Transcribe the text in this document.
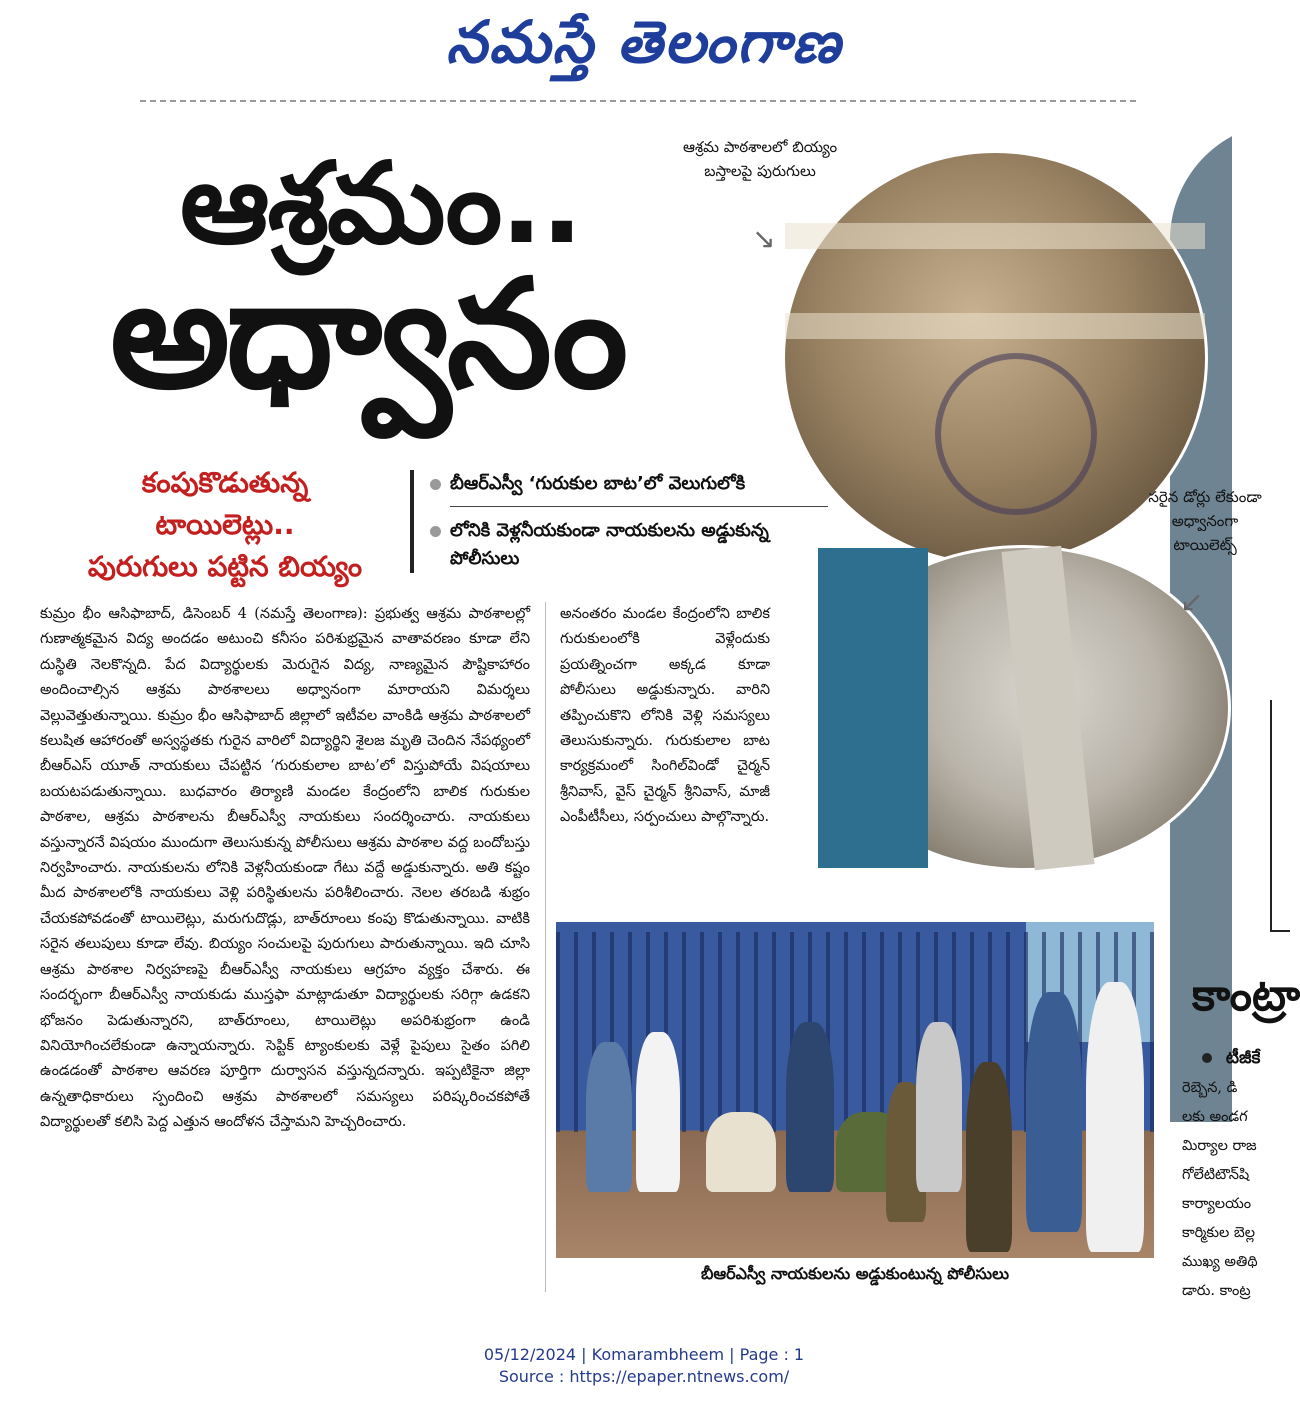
నమస్తే తెలంగాణ
ఆశ్రమం..
అధ్వానం
కంపుకొడుతున్న
టాయిలెట్లు..
పురుగులు పట్టిన బియ్యం
బీఆర్‌ఎస్వీ ‘గురుకుల బాట’లో వెలుగులోకి
లోనికి వెళ్లనీయకుండా నాయకులను అడ్డుకున్న పోలీసులు
ఆశ్రమ పాఠశాలలో బియ్యం బస్తాలపై పురుగులు
↘
సరైన డోర్లు లేకుండా అధ్వానంగా టాయిలెట్స్
↙
కుమ్రం భీం ఆసిఫాబాద్‌, డిసెంబర్‌ 4 (నమస్తే తెలంగాణ): ప్రభుత్వ ఆశ్రమ పాఠశాలల్లో గుణాత్మకమైన విద్య అందడం అటుంచి కనీసం పరిశుభ్రమైన వాతావరణం కూడా లేని దుస్థితి నెలకొన్నది. పేద విద్యార్థులకు మెరుగైన విద్య, నాణ్యమైన పౌష్టికాహారం అందించాల్సిన ఆశ్రమ పాఠశాలలు అధ్వానంగా మారాయని విమర్శలు వెల్లువెత్తుతున్నాయి. కుమ్రం భీం ఆసిఫాబాద్‌ జిల్లాలో ఇటీవల వాంకిడి ఆశ్రమ పాఠశాలలో కలుషిత ఆహారంతో అస్వస్థతకు గురైన వారిలో విద్యార్థిని శైలజ మృతి చెందిన నేపథ్యంలో బీఆర్‌ఎస్‌ యూత్‌ నాయకులు చేపట్టిన ‘గురుకులాల బాట’లో విస్తుపోయే విషయాలు బయటపడుతున్నాయి. బుధవారం తిర్యాణి మండల కేంద్రంలోని బాలిక గురుకుల పాఠశాల, ఆశ్రమ పాఠశాలను బీఆర్‌ఎస్వీ నాయకులు సందర్శించారు. నాయకులు వస్తున్నారనే విషయం ముందుగా తెలుసుకున్న పోలీసులు ఆశ్రమ పాఠశాల వద్ద బందోబస్తు నిర్వహించారు. నాయకులను లోనికి వెళ్లనీయకుండా గేటు వద్దే అడ్డుకున్నారు. అతి కష్టం మీద పాఠశాలలోకి నాయకులు వెళ్లి పరిస్థితులను పరిశీలించారు. నెలల తరబడి శుభ్రం చేయకపోవడంతో టాయిలెట్లు, మరుగుదొడ్లు, బాత్‌రూంలు కంపు కొడుతున్నాయి. వాటికి సరైన తలుపులు కూడా లేవు. బియ్యం సంచులపై పురుగులు పారుతున్నాయి. ఇది చూసి ఆశ్రమ పాఠశాల నిర్వహణపై బీఆర్‌ఎస్వీ నాయకులు ఆగ్రహం వ్యక్తం చేశారు. ఈ సందర్భంగా బీఆర్‌ఎస్వీ నాయకుడు ముస్తఫా మాట్లాడుతూ విద్యార్థులకు సరిగ్గా ఉడకని భోజనం పెడుతున్నారని, బాత్‌రూంలు, టాయిలెట్లు అపరిశుభ్రంగా ఉండి వినియోగించలేకుండా ఉన్నాయన్నారు. సెప్టిక్‌ ట్యాంకులకు వెళ్లే పైపులు సైతం పగిలి ఉండడంతో పాఠశాల ఆవరణ పూర్తిగా దుర్వాసన వస్తున్నదన్నారు. ఇప్పటికైనా జిల్లా ఉన్నతాధికారులు స్పందించి ఆశ్రమ పాఠశాలలో సమస్యలు పరిష్కరించకపోతే విద్యార్థులతో కలిసి పెద్ద ఎత్తున ఆందోళన చేస్తామని హెచ్చరించారు.
అనంతరం మండల కేంద్రంలోని బాలిక గురుకులంలోకి వెళ్లేందుకు ప్రయత్నించగా అక్కడ కూడా పోలీసులు అడ్డుకున్నారు. వారిని తప్పించుకొని లోనికి వెళ్లి సమస్యలు తెలుసుకున్నారు. గురుకులాల బాట కార్యక్రమంలో సింగిల్‌విండో చైర్మన్‌ శ్రీనివాస్‌, వైస్‌ చైర్మన్‌ శ్రీనివాస్‌, మాజీ ఎంపీటీసీలు, సర్పంచులు పాల్గొన్నారు.
బీఆర్‌ఎస్వీ నాయకులను అడ్డుకుంటున్న పోలీసులు
కాంట్రా
టీజీకే
రెబ్బెన, డి
లకు అండగ
మిర్యాల రాజ
గోలేటిటౌన్‌షి
కార్యాలయం
కార్మికుల బెల్ల
ముఖ్య అతిథి
డారు. కాంట్ర
05/12/2024 | Komarambheem | Page : 1
Source : https://epaper.ntnews.com/
